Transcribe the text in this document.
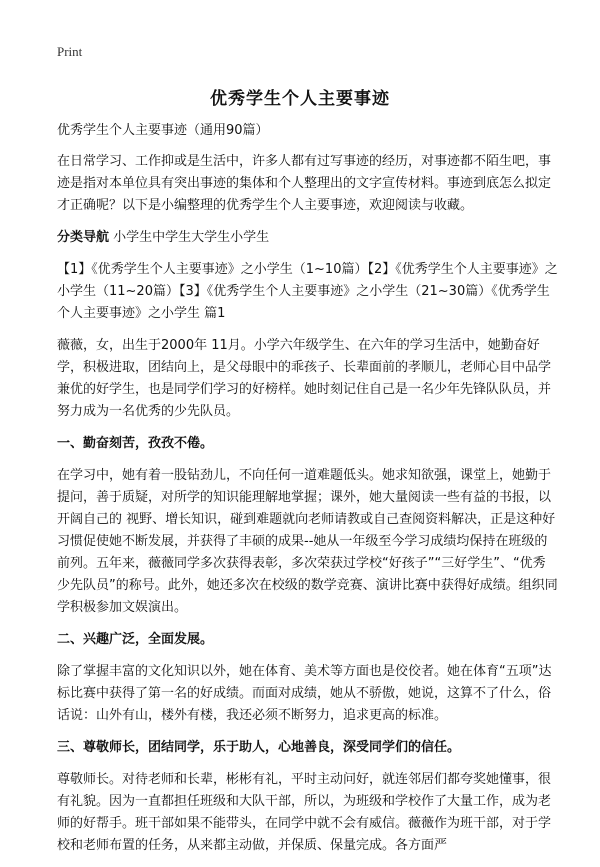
Print
优秀学生个人主要事迹

优秀学生个人主要事迹（通用90篇）

在日常学习、工作抑或是生活中，许多人都有过写事迹的经历，对事迹都不陌生吧，事迹是指对本单位具有突出事迹的集体和个人整理出的文字宣传材料。事迹到底怎么拟定才正确呢？以下是小编整理的优秀学生个人主要事迹，欢迎阅读与收藏。

分类导航 小学生中学生大学生小学生

【1】《优秀学生个人主要事迹》之小学生（1~10篇）【2】《优秀学生个人主要事迹》之小学生（11~20篇）【3】《优秀学生个人主要事迹》之小学生（21~30篇）《优秀学生个人主要事迹》之小学生 篇1

薇薇，女，出生于2000年 11月。小学六年级学生、在六年的学习生活中，她勤奋好学，积极进取，团结向上，是父母眼中的乖孩子、长辈面前的孝顺儿，老师心目中品学兼优的好学生，也是同学们学习的好榜样。她时刻记住自己是一名少年先锋队队员，并努力成为一名优秀的少先队员。

一、勤奋刻苦，孜孜不倦。

在学习中，她有着一股钻劲儿，不向任何一道难题低头。她求知欲强，课堂上，她勤于提问，善于质疑，对所学的知识能理解地掌握；课外，她大量阅读一些有益的书报，以开阔自己的 视野、增长知识，碰到难题就向老师请教或自己查阅资料解决，正是这种好习惯促使她不断发展，并获得了丰硕的成果--她从一年级至今学习成绩均保持在班级的前列。五年来，薇薇同学多次获得表彰，多次荣获过学校“好孩子”“三好学生”、“优秀少先队员”的称号。此外，她还多次在校级的数学竞赛、演讲比赛中获得好成绩。组织同学积极参加文娱演出。

二、兴趣广泛，全面发展。

除了掌握丰富的文化知识以外，她在体育、美术等方面也是佼佼者。她在体育“五项”达标比赛中获得了第一名的好成绩。而面对成绩，她从不骄傲，她说，这算不了什么，俗话说：山外有山，楼外有楼，我还必须不断努力，追求更高的标准。

三、尊敬师长，团结同学，乐于助人，心地善良，深受同学们的信任。

尊敬师长。对待老师和长辈，彬彬有礼，平时主动问好，就连邻居们都夸奖她懂事，很有礼貌。因为一直都担任班级和大队干部，所以，为班级和学校作了大量工作，成为老师的好帮手。班干部如果不能带头，在同学中就不会有威信。薇薇作为班干部，对于学校和老师布置的任务，从来都主动做，并保质、保量完成。各方面严
